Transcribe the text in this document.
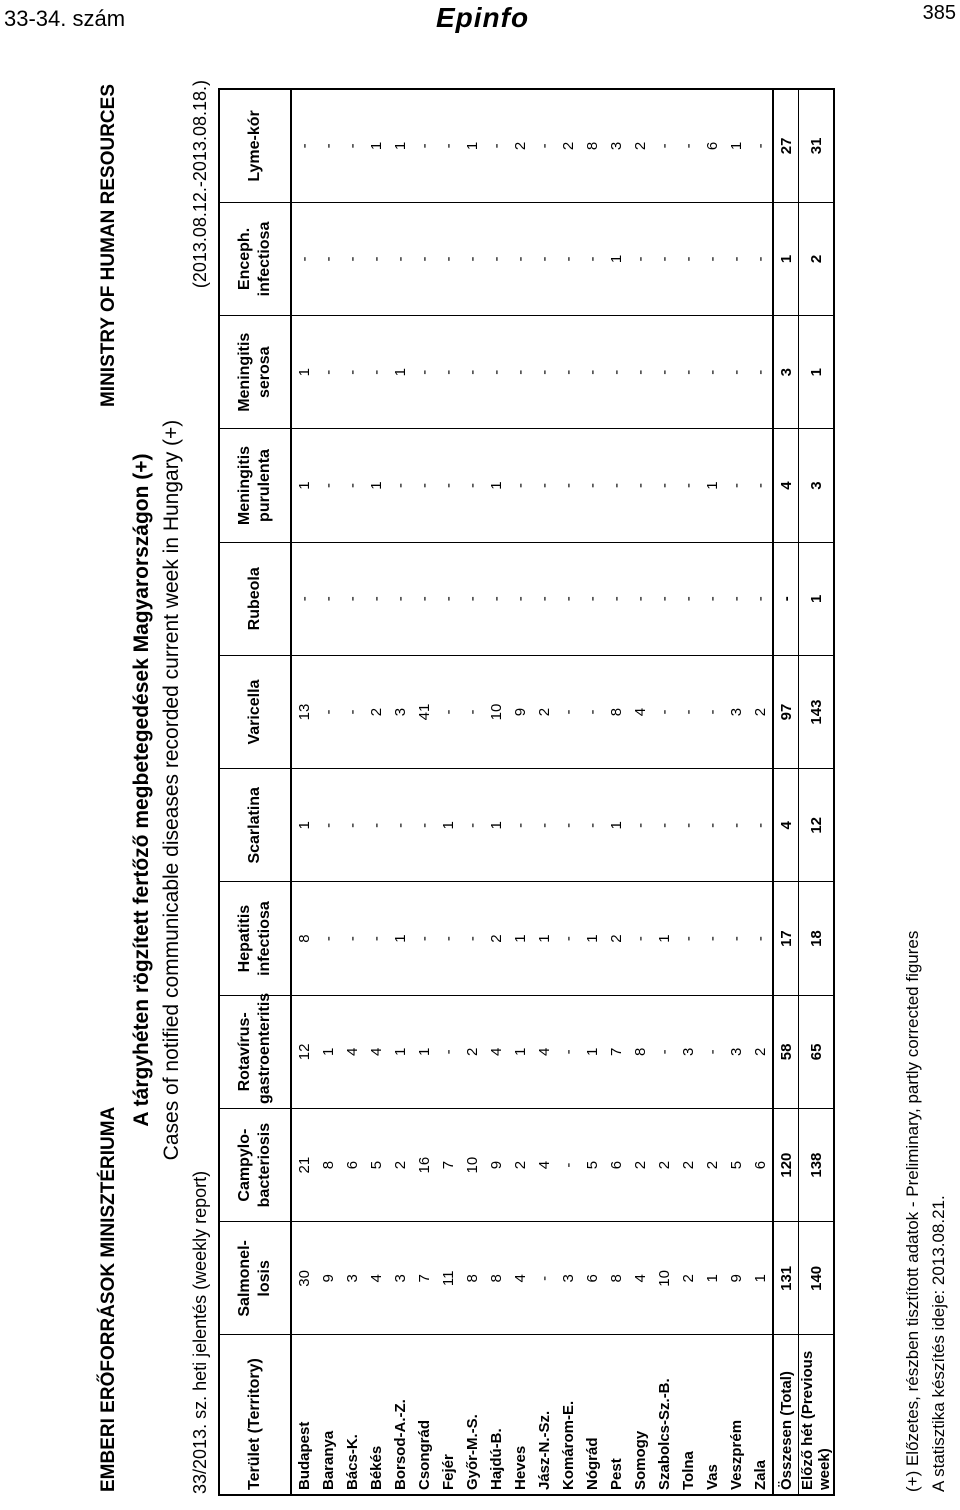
33-34. szám	Epinfo	385
EMBERI ERŐFORRÁSOK MINISZTÉRIUMA
MINISTRY OF HUMAN RESOURCES
A tárgyhéten rögzített fertőző megbetegedések Magyarországon (+) Cases of notified communicable diseases recorded current week in Hungary (+)
33/2013. sz. heti jelentés (weekly report)
(2013.08.12.-2013.08.18.)
Terület (Territory)	Salmonel-losis	Campylo-bacteriosis	Rotavírus-gastroenteritis	Hepatitis infectiosa	Scarlatina	Varicella	Rubeola	Meningitis purulenta	Meningitis serosa	Enceph. infectiosa	Lyme-kór
Budapest	30	21	12	8	1	13	-	1	1	-	-
Baranya	9	8	1	-	-	-	-	-	-	-	-
Bács-K.	3	6	4	-	-	-	-	-	-	-	-
Békés	4	5	4	-	-	2	-	1	-	-	1
Borsod-A.-Z.	3	2	1	1	-	3	-	-	1	-	1
Csongrád	7	16	1	-	-	41	-	-	-	-	-
Fejér	11	7	-	-	1	-	-	-	-	-	-
Győr-M.-S.	8	10	2	-	-	-	-	-	-	-	1
Hajdú-B.	8	9	4	2	1	10	-	1	-	-	-
Heves	4	2	1	1	-	9	-	-	-	-	2
Jász-N.-Sz.	-	4	4	1	-	2	-	-	-	-	-
Komárom-E.	3	-	-	-	-	-	-	-	-	-	2
Nógrád	6	5	1	1	-	-	-	-	-	-	8
Pest	8	6	7	2	1	8	-	-	-	1	3
Somogy	4	2	8	-	-	4	-	-	-	-	2
Szabolcs-Sz.-B.	10	2	-	1	-	-	-	-	-	-	-
Tolna	2	2	3	-	-	-	-	-	-	-	-
Vas	1	2	-	-	-	-	-	1	-	-	6
Veszprém	9	5	3	-	-	3	-	-	-	-	1
Zala	1	6	2	-	-	2	-	-	-	-	-
Összesen (Total)	131	120	58	17	4	97	-	4	3	1	27
Előző hét (Previous week)	140	138	65	18	12	143	1	3	1	2	31
(+) Előzetes, részben tisztított adatok - Preliminary, partly corrected figures A statisztika készítés ideje: 2013.08.21.
